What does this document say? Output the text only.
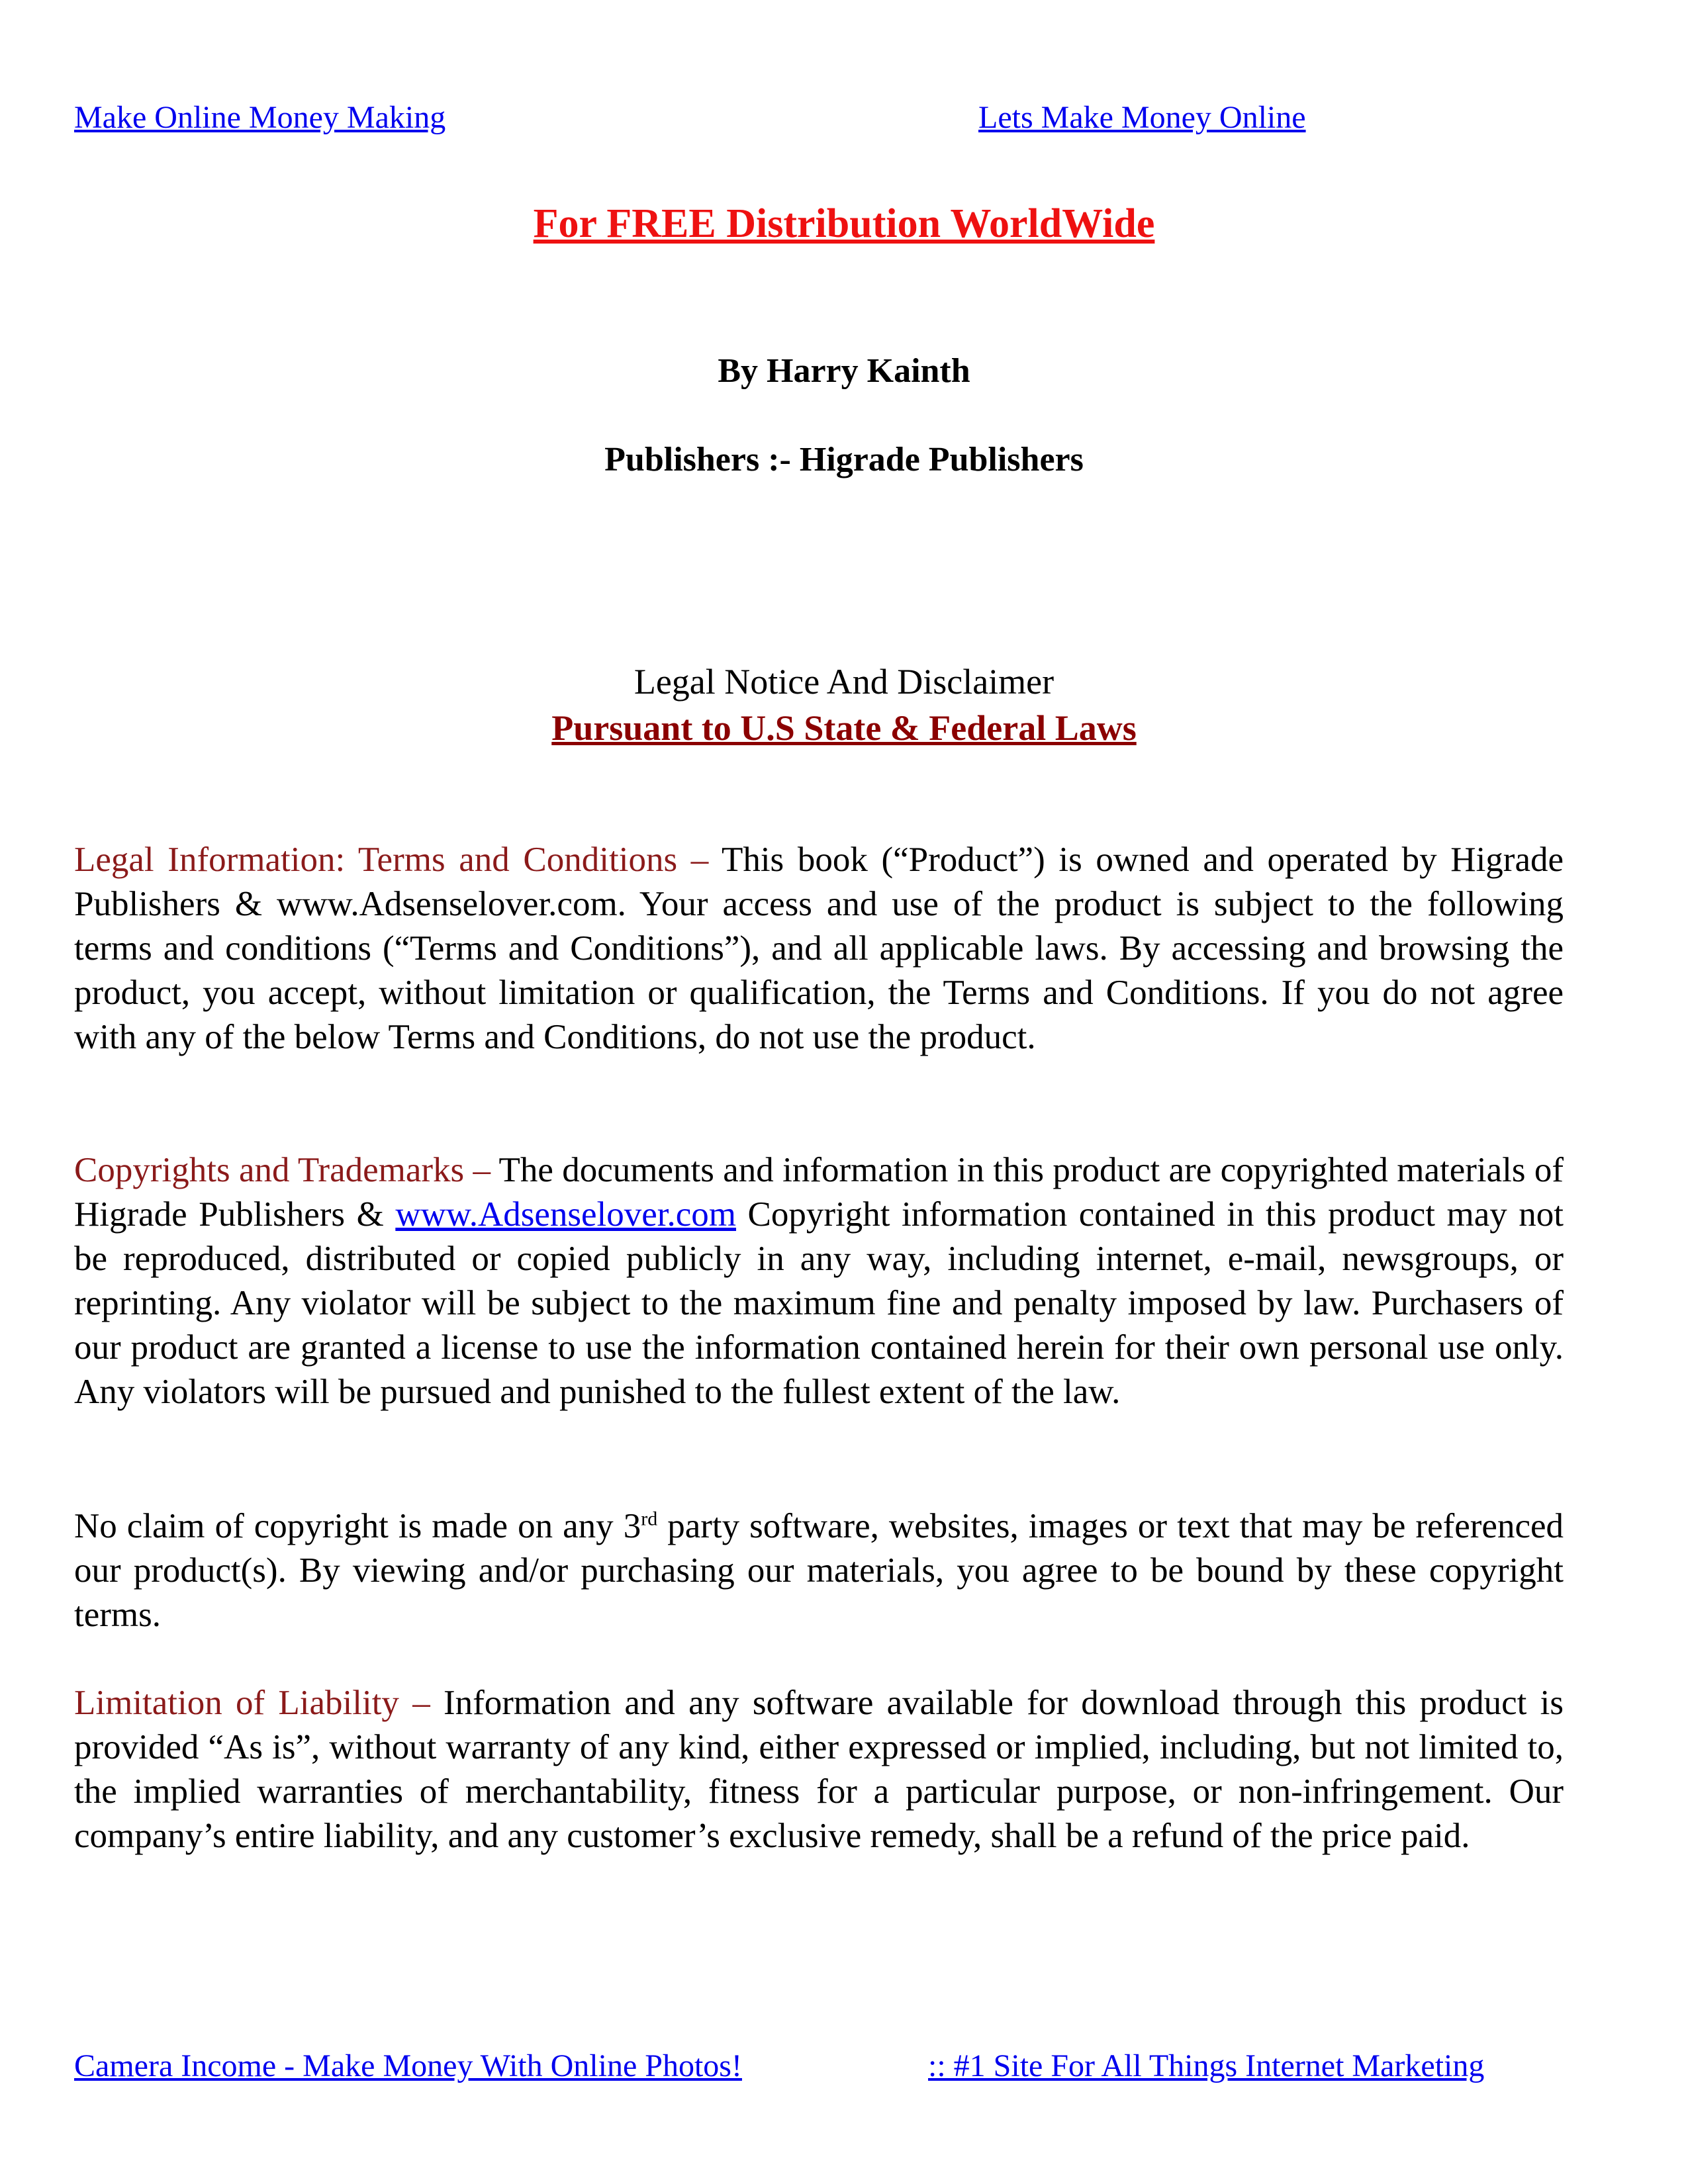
Make Online Money Making	Lets Make Money Online
For FREE Distribution WorldWide
By Harry Kainth
Publishers :- Higrade Publishers
Legal Notice And Disclaimer
Pursuant to U.S State & Federal Laws
Legal Information: Terms and Conditions – This book (“Product”) is owned and operated by Higrade Publishers & www.Adsenselover.com. Your access and use of the product is subject to the following terms and conditions (“Terms and Conditions”), and all applicable laws. By accessing and browsing the product, you accept, without limitation or qualification, the Terms and Conditions. If you do not agree with any of the below Terms and Conditions, do not use the product.
Copyrights and Trademarks – The documents and information in this product are copyrighted materials of Higrade Publishers & www.Adsenselover.com Copyright information contained in this product may not be reproduced, distributed or copied publicly in any way, including internet, e-mail, newsgroups, or reprinting. Any violator will be subject to the maximum fine and penalty imposed by law. Purchasers of our product are granted a license to use the information contained herein for their own personal use only. Any violators will be pursued and punished to the fullest extent of the law.
No claim of copyright is made on any 3rd party software, websites, images or text that may be referenced our product(s). By viewing and/or purchasing our materials, you agree to be bound by these copyright terms.
Limitation of Liability – Information and any software available for download through this product is provided “As is”, without warranty of any kind, either expressed or implied, including, but not limited to, the implied warranties of merchantability, fitness for a particular purpose, or non-infringement. Our company’s entire liability, and any customer’s exclusive remedy, shall be a refund of the price paid.
Camera Income - Make Money With Online Photos!	:: #1 Site For All Things Internet Marketing
